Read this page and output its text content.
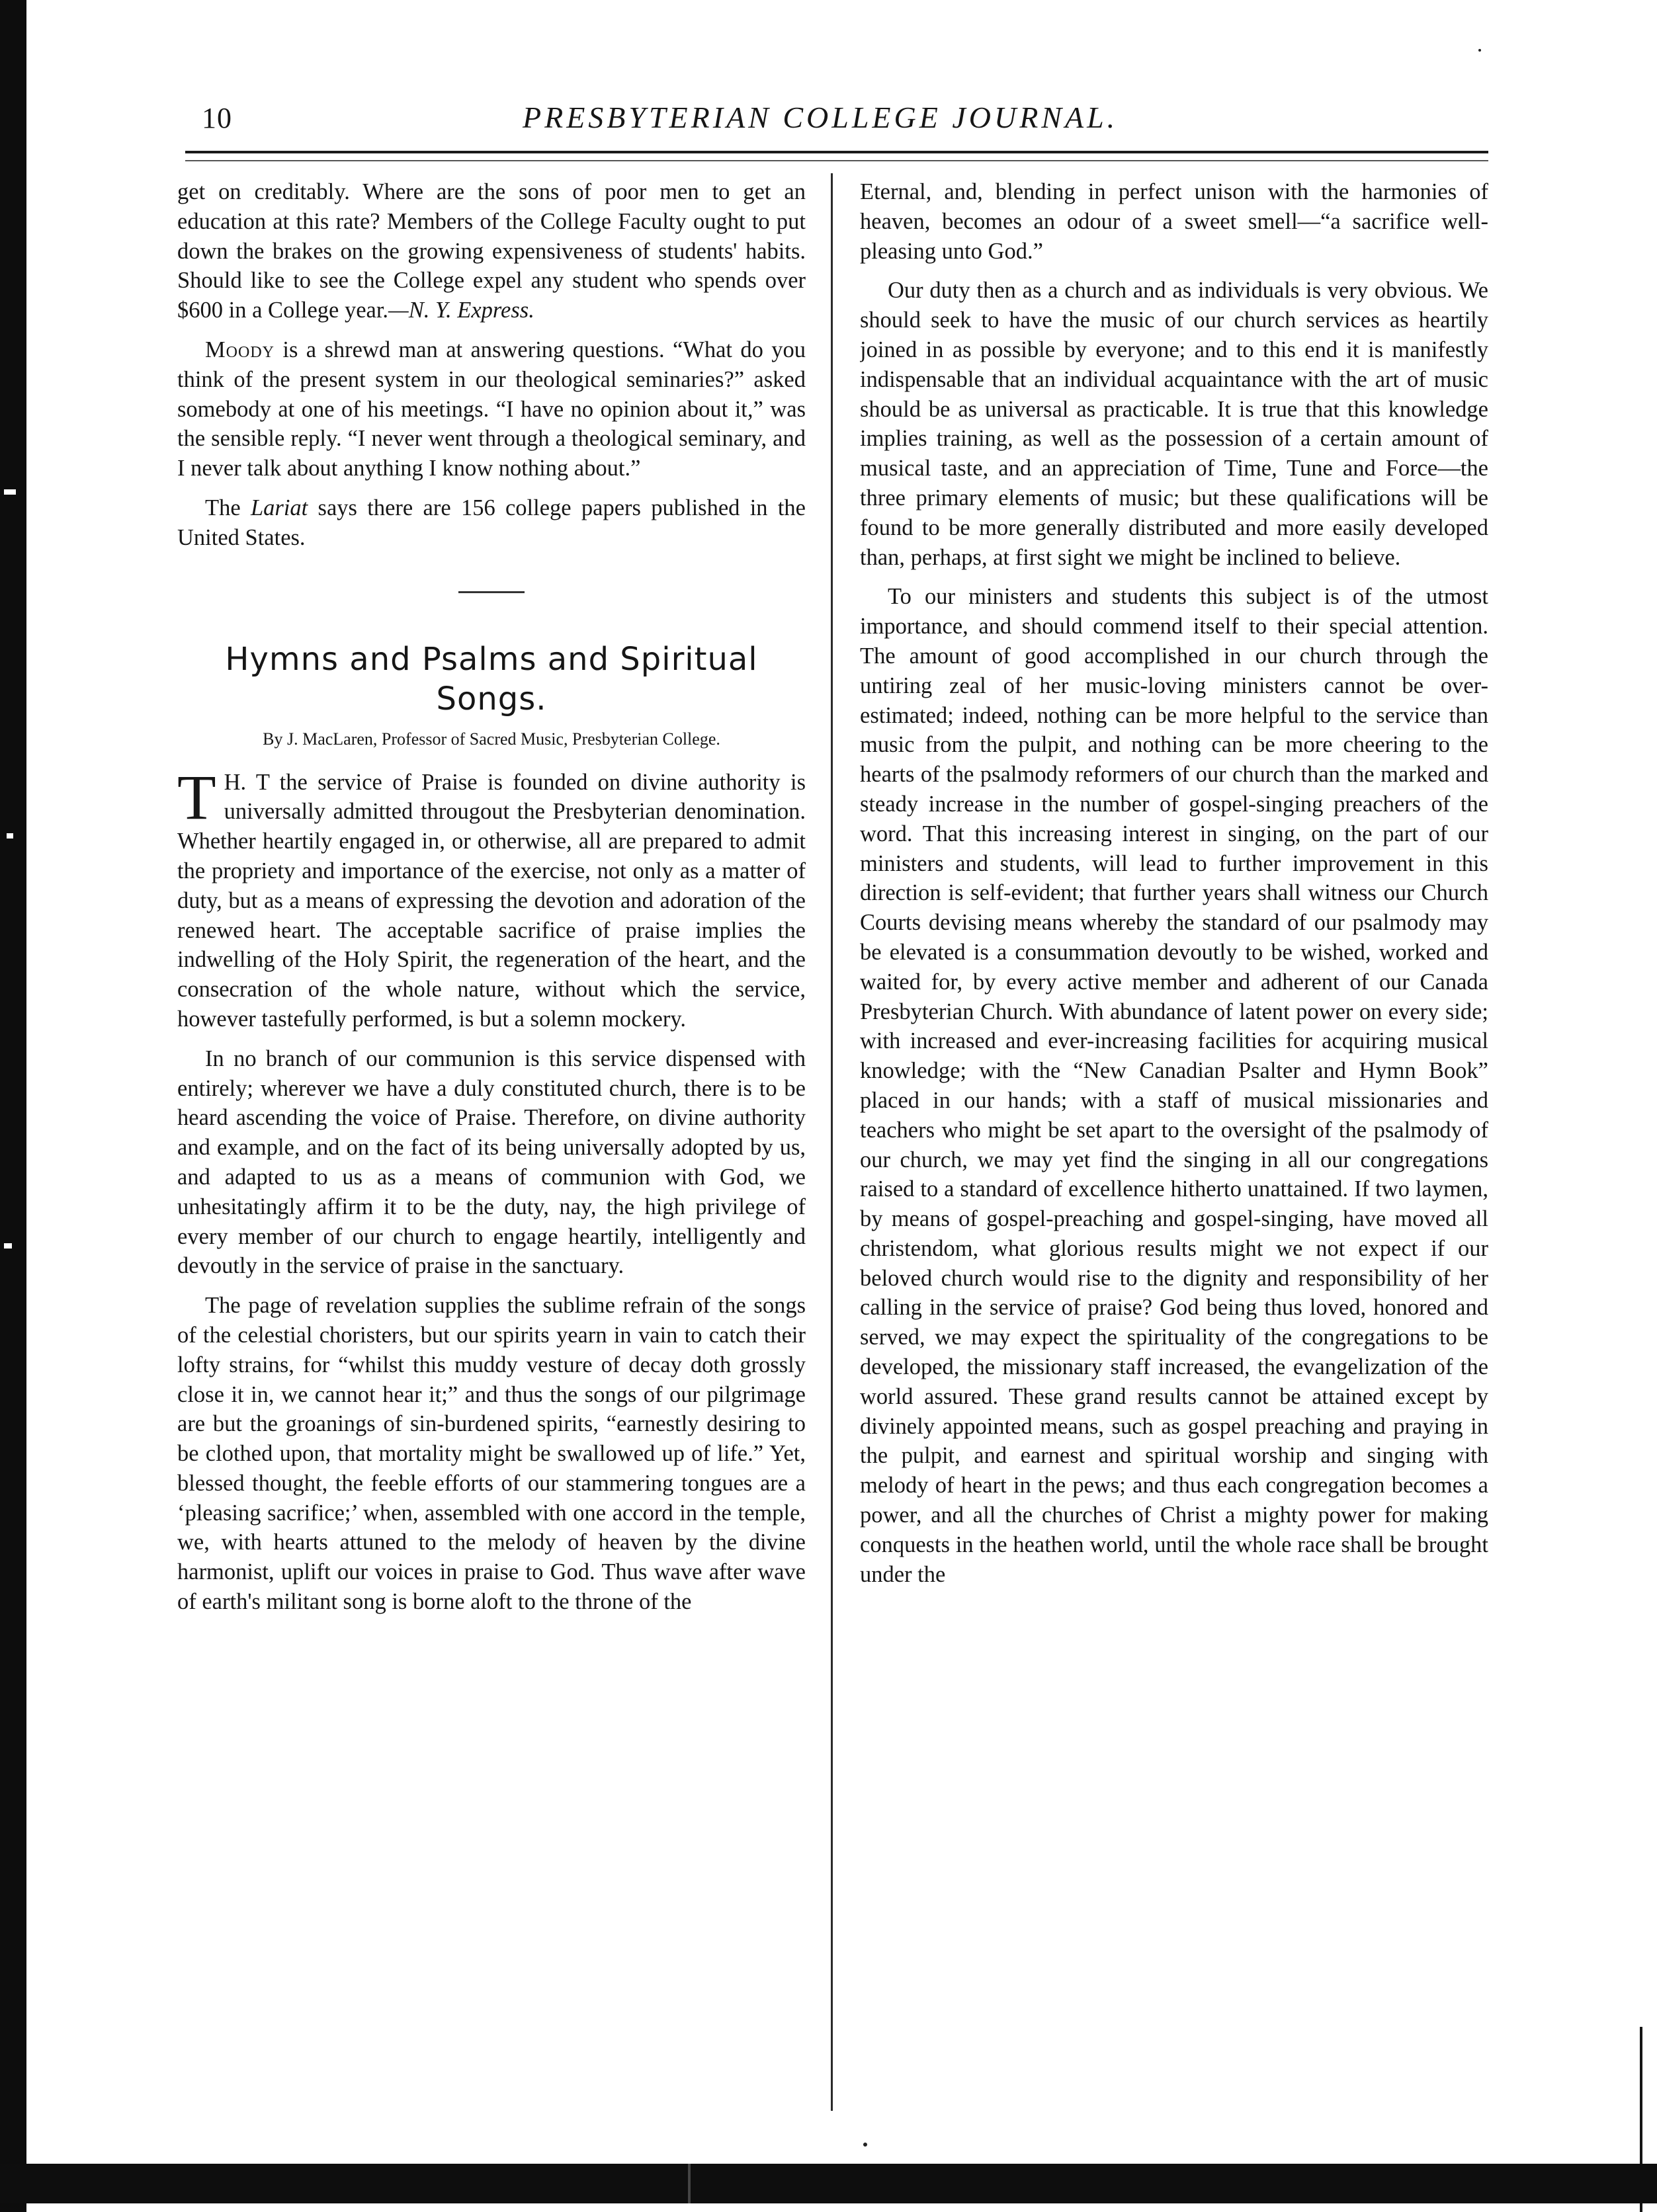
10	PRESBYTERIAN COLLEGE JOURNAL.

get on creditably. Where are the sons of poor men to get an education at this rate? Members of the College Faculty ought to put down the brakes on the growing expensiveness of students' habits. Should like to see the College expel any student who spends over $600 in a College year.—N. Y. Express.

Moody is a shrewd man at answering questions. “What do you think of the present system in our theological seminaries?” asked somebody at one of his meetings. “I have no opinion about it,” was the sensible reply. “I never went through a theological seminary, and I never talk about anything I know nothing about.”

The Lariat says there are 156 college papers published in the United States.

Hymns and Psalms and Spiritual Songs.
By J. MacLaren, Professor of Sacred Music, Presbyterian College.

T H. T the service of Praise is founded on divine authority is universally admitted througout the Presbyterian denomination. Whether heartily engaged in, or otherwise, all are prepared to admit the propriety and importance of the exercise, not only as a matter of duty, but as a means of expressing the devotion and adoration of the renewed heart. The acceptable sacrifice of praise implies the indwelling of the Holy Spirit, the regeneration of the heart, and the consecration of the whole nature, without which the service, however tastefully performed, is but a solemn mockery.

In no branch of our communion is this service dispensed with entirely; wherever we have a duly constituted church, there is to be heard ascending the voice of Praise. Therefore, on divine authority and example, and on the fact of its being universally adopted by us, and adapted to us as a means of communion with God, we unhesitatingly affirm it to be the duty, nay, the high privilege of every member of our church to engage heartily, intelligently and devoutly in the service of praise in the sanctuary.

The page of revelation supplies the sublime refrain of the songs of the celestial choristers, but our spirits yearn in vain to catch their lofty strains, for “whilst this muddy vesture of decay doth grossly close it in, we cannot hear it;” and thus the songs of our pilgrimage are but the groanings of sin-burdened spirits, “earnestly desiring to be clothed upon, that mortality might be swallowed up of life.” Yet, blessed thought, the feeble efforts of our stammering tongues are a ‘pleasing sacrifice;’ when, assembled with one accord in the temple, we, with hearts attuned to the melody of heaven by the divine harmonist, uplift our voices in praise to God. Thus wave after wave of earth's militant song is borne aloft to the throne of the

Eternal, and, blending in perfect unison with the harmonies of heaven, becomes an odour of a sweet smell—“a sacrifice well-pleasing unto God.”

Our duty then as a church and as individuals is very obvious. We should seek to have the music of our church services as heartily joined in as possible by everyone; and to this end it is manifestly indispensable that an individual acquaintance with the art of music should be as universal as practicable. It is true that this knowledge implies training, as well as the possession of a certain amount of musical taste, and an appreciation of Time, Tune and Force—the three primary elements of music; but these qualifications will be found to be more generally distributed and more easily developed than, perhaps, at first sight we might be inclined to believe.

To our ministers and students this subject is of the utmost importance, and should commend itself to their special attention. The amount of good accomplished in our church through the untiring zeal of her music-loving ministers cannot be over-estimated; indeed, nothing can be more helpful to the service than music from the pulpit, and nothing can be more cheering to the hearts of the psalmody reformers of our church than the marked and steady increase in the number of gospel-singing preachers of the word. That this increasing interest in singing, on the part of our ministers and students, will lead to further improvement in this direction is self-evident; that further years shall witness our Church Courts devising means whereby the standard of our psalmody may be elevated is a consummation devoutly to be wished, worked and waited for, by every active member and adherent of our Canada Presbyterian Church. With abundance of latent power on every side; with increased and ever-increasing facilities for acquiring musical knowledge; with the “New Canadian Psalter and Hymn Book” placed in our hands; with a staff of musical missionaries and teachers who might be set apart to the oversight of the psalmody of our church, we may yet find the singing in all our congregations raised to a standard of excellence hitherto unattained. If two laymen, by means of gospel-preaching and gospel-singing, have moved all christendom, what glorious results might we not expect if our beloved church would rise to the dignity and responsibility of her calling in the service of praise? God being thus loved, honored and served, we may expect the spirituality of the congregations to be developed, the missionary staff increased, the evangelization of the world assured. These grand results cannot be attained except by divinely appointed means, such as gospel preaching and praying in the pulpit, and earnest and spiritual worship and singing with melody of heart in the pews; and thus each congregation becomes a power, and all the churches of Christ a mighty power for making conquests in the heathen world, until the whole race shall be brought under the
